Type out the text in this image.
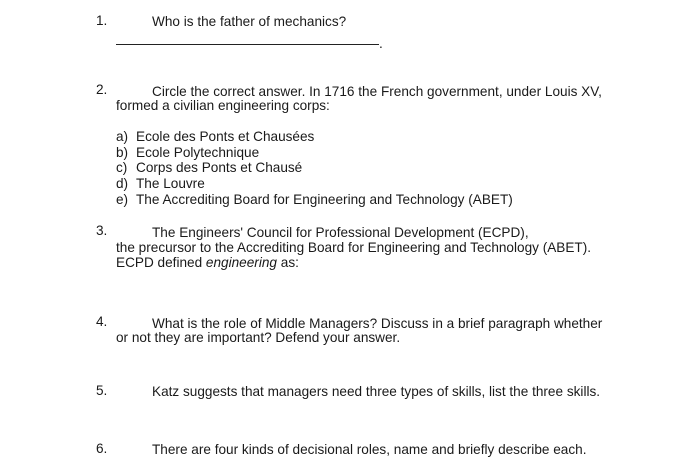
1.	Who is the father of mechanics?
.
2.	Circle the correct answer. In 1716 the French government, under Louis XV,
formed a civilian engineering corps:
a) Ecole des Ponts et Chausées
b) Ecole Polytechnique
c) Corps des Ponts et Chausé
d) The Louvre
e) The Accrediting Board for Engineering and Technology (ABET)
3.	The Engineers' Council for Professional Development (ECPD),
the precursor to the Accrediting Board for Engineering and Technology (ABET).
ECPD defined engineering as:
4.	What is the role of Middle Managers? Discuss in a brief paragraph whether
or not they are important? Defend your answer.
5.	Katz suggests that managers need three types of skills, list the three skills.
6.	There are four kinds of decisional roles, name and briefly describe each.
